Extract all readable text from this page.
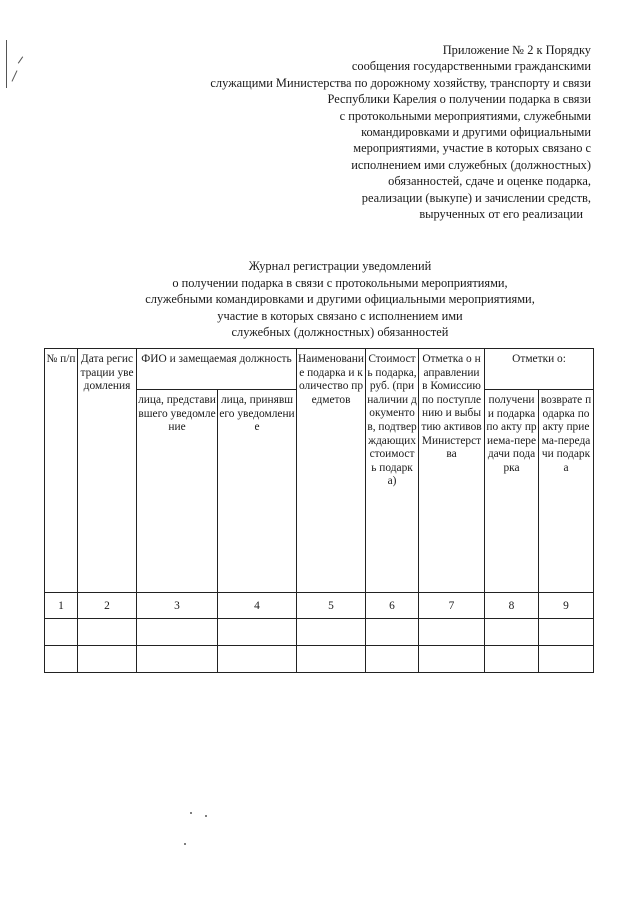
Приложение № 2 к Порядку
сообщения государственными гражданскими
служащими Министерства по дорожному хозяйству, транспорту и связи
Республики Карелия о получении подарка в связи
с протокольными мероприятиями, служебными
командировками и другими официальными
мероприятиями, участие в которых связано с
исполнением ими служебных (должностных)
обязанностей, сдаче и оценке подарка,
реализации (выкупе) и зачислении средств,
вырученных от его реализации
Журнал регистрации уведомлений
о получении подарка в связи с протокольными мероприятиями,
служебными командировками и другими официальными мероприятиями,
участие в которых связано с исполнением ими
служебных (должностных) обязанностей
№ п/п	Дата регистрации уведомления	ФИО и замещаемая должность		Наименование подарка и количество предметов	Стоимость подарка, руб. (при наличии документов, подтверждающих стоимость подарка)	Отметка о направлении в Комиссию по поступлению и выбытию активов Министерства	Отметки о:	
		лица, представившего уведомление	лица, принявшего уведомление				получении подарка по акту приема-передачи подарка	возврате подарка по акту приема-передачи подарка
1	2	3	4	5	6	7	8	9
